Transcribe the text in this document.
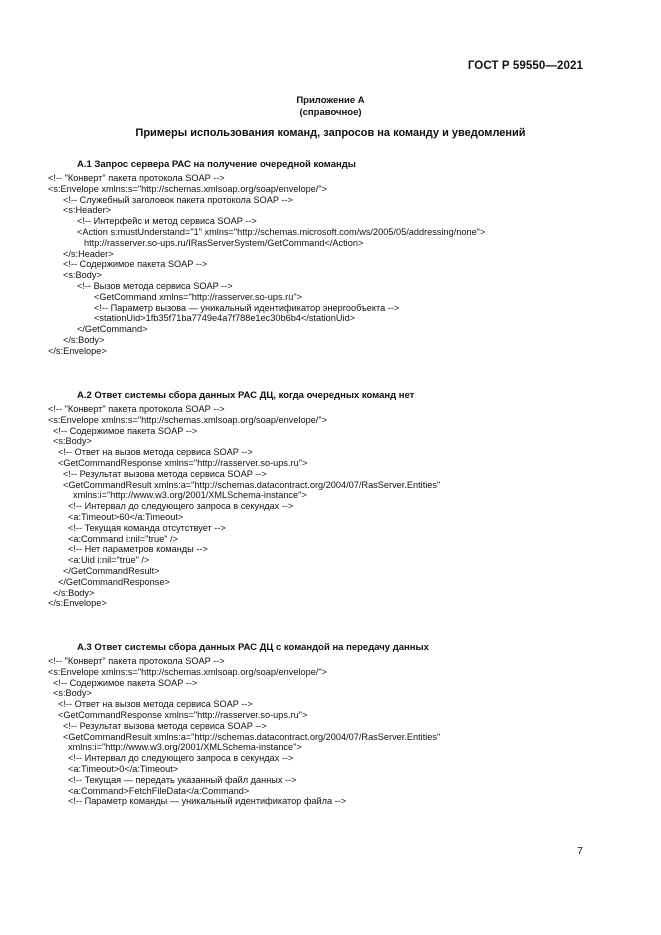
ГОСТ Р 59550—2021
Приложение А
(справочное)
Примеры использования команд, запросов на команду и уведомлений
А.1 Запрос сервера РАС на получение очередной команды
<!-- "Конверт" пакета протокола SOAP -->
<s:Envelope xmlns:s="http://schemas.xmlsoap.org/soap/envelope/">
<!-- Служебный заголовок пакета протокола SOAP -->
<s:Header>
<!-- Интерфейс и метод сервиса SOAP -->
<Action s:mustUnderstand="1" xmlns="http://schemas.microsoft.com/ws/2005/05/addressing/none">
http://rasserver.so-ups.ru/IRasServerSystem/GetCommand</Action>
</s:Header>
<!-- Содержимое пакета SOAP -->
<s:Body>
<!-- Вызов метода сервиса SOAP -->
<GetCommand xmlns="http://rasserver.so-ups.ru">
<!-- Параметр вызова — уникальный идентификатор энергообъекта -->
<stationUid>1fb35f71ba7749e4a7f788e1ec30b6b4</stationUid>
</GetCommand>
</s:Body>
</s:Envelope>
А.2 Ответ системы сбора данных РАС ДЦ, когда очередных команд нет
<!-- "Конверт" пакета протокола SOAP -->
<s:Envelope xmlns:s="http://schemas.xmlsoap.org/soap/envelope/">
<!-- Содержимое пакета SOAP -->
<s:Body>
<!-- Ответ на вызов метода сервиса SOAP -->
<GetCommandResponse xmlns="http://rasserver.so-ups.ru">
<!-- Результат вызова метода сервиса SOAP -->
<GetCommandResult xmlns:a="http://schemas.datacontract.org/2004/07/RasServer.Entities"
xmlns:i="http://www.w3.org/2001/XMLSchema-instance">
<!-- Интервал до следующего запроса в секундах -->
<a:Timeout>60</a:Timeout>
<!-- Текущая команда отсутствует -->
<a:Command i:nil="true" />
<!-- Нет параметров команды -->
<a:Uid i:nil="true" />
</GetCommandResult>
</GetCommandResponse>
</s:Body>
</s:Envelope>
А.3 Ответ системы сбора данных РАС ДЦ с командой на передачу данных
<!-- "Конверт" пакета протокола SOAP -->
<s:Envelope xmlns:s="http://schemas.xmlsoap.org/soap/envelope/">
<!-- Содержимое пакета SOAP -->
<s:Body>
<!-- Ответ на вызов метода сервиса SOAP -->
<GetCommandResponse xmlns="http://rasserver.so-ups.ru">
<!-- Результат вызова метода сервиса SOAP -->
<GetCommandResult xmlns:a="http://schemas.datacontract.org/2004/07/RasServer.Entities"
xmlns:i="http://www.w3.org/2001/XMLSchema-instance">
<!-- Интервал до следующего запроса в секундах -->
<a:Timeout>0</a:Timeout>
<!-- Текущая — передать указанный файл данных -->
<a:Command>FetchFileData</a:Command>
<!-- Параметр команды — уникальный идентификатор файла -->
7
